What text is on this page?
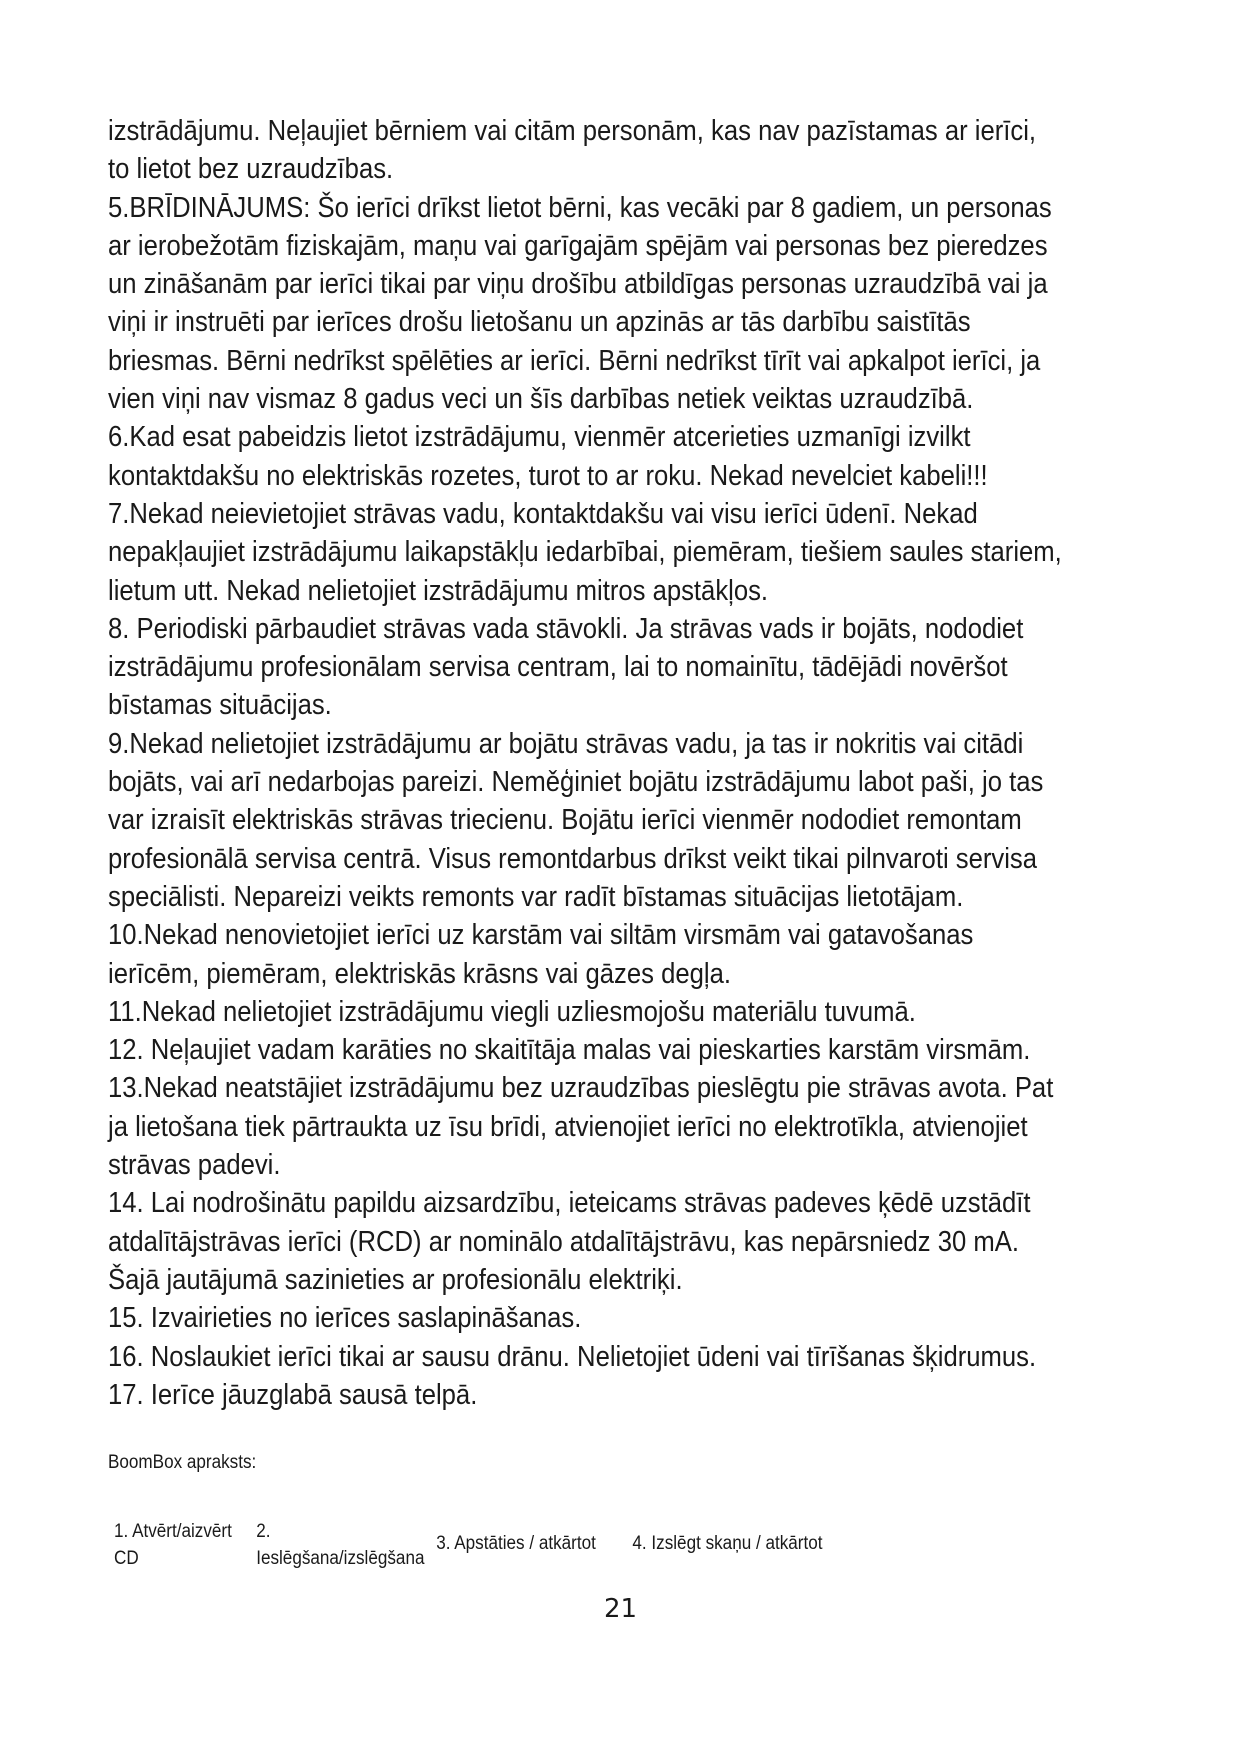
izstrādājumu. Neļaujiet bērniem vai citām personām, kas nav pazīstamas ar ierīci, to lietot bez uzraudzības.

5.BRĪDINĀJUMS: Šo ierīci drīkst lietot bērni, kas vecāki par 8 gadiem, un personas ar ierobežotām fiziskajām, maņu vai garīgajām spējām vai personas bez pieredzes un zināšanām par ierīci tikai par viņu drošību atbildīgas personas uzraudzībā vai ja viņi ir instruēti par ierīces drošu lietošanu un apzinās ar tās darbību saistītās briesmas. Bērni nedrīkst spēlēties ar ierīci. Bērni nedrīkst tīrīt vai apkalpot ierīci, ja vien viņi nav vismaz 8 gadus veci un šīs darbības netiek veiktas uzraudzībā.

6.Kad esat pabeidzis lietot izstrādājumu, vienmēr atcerieties uzmanīgi izvilkt kontaktdakšu no elektriskās rozetes, turot to ar roku. Nekad nevelciet kabeli!!!

7.Nekad neievietojiet strāvas vadu, kontaktdakšu vai visu ierīci ūdenī. Nekad nepakļaujiet izstrādājumu laikapstākļu iedarbībai, piemēram, tiešiem saules stariem, lietum utt. Nekad nelietojiet izstrādājumu mitros apstākļos.

8. Periodiski pārbaudiet strāvas vada stāvokli. Ja strāvas vads ir bojāts, nododiet izstrādājumu profesionālam servisa centram, lai to nomainītu, tādējādi novēršot bīstamas situācijas.

9.Nekad nelietojiet izstrādājumu ar bojātu strāvas vadu, ja tas ir nokritis vai citādi bojāts, vai arī nedarbojas pareizi. Neměģiniet bojātu izstrādājumu labot paši, jo tas var izraisīt elektriskās strāvas triecienu. Bojātu ierīci vienmēr nododiet remontam profesionālā servisa centrā. Visus remontdarbus drīkst veikt tikai pilnvaroti servisa speciālisti. Nepareizi veikts remonts var radīt bīstamas situācijas lietotājam.

10.Nekad nenovietojiet ierīci uz karstām vai siltām virsmām vai gatavošanas ierīcēm, piemēram, elektriskās krāsns vai gāzes degļa.

11.Nekad nelietojiet izstrādājumu viegli uzliesmojošu materiālu tuvumā.

12. Neļaujiet vadam karāties no skaitītāja malas vai pieskarties karstām virsmām.

13.Nekad neatstājiet izstrādājumu bez uzraudzības pieslēgtu pie strāvas avota. Pat ja lietošana tiek pārtraukta uz īsu brīdi, atvienojiet ierīci no elektrotīkla, atvienojiet strāvas padevi.

14. Lai nodrošinātu papildu aizsardzību, ieteicams strāvas padeves ķēdē uzstādīt atdalītājstrāvas ierīci (RCD) ar nominālo atdalītājstrāvu, kas nepārsniedz 30 mA. Šajā jautājumā sazinieties ar profesionālu elektriķi.

15. Izvairieties no ierīces saslapināšanas.

16. Noslaukiet ierīci tikai ar sausu drānu. Nelietojiet ūdeni vai tīrīšanas šķidrumus.

17. Ierīce jāuzglabā sausā telpā.

BoomBox apraksts:
1. Atvērt/aizvērt CD
2. Ieslēgšana/izslēgšana
3. Apstāties / atkārtot 4. Izslēgt skaņu / atkārtot
21
